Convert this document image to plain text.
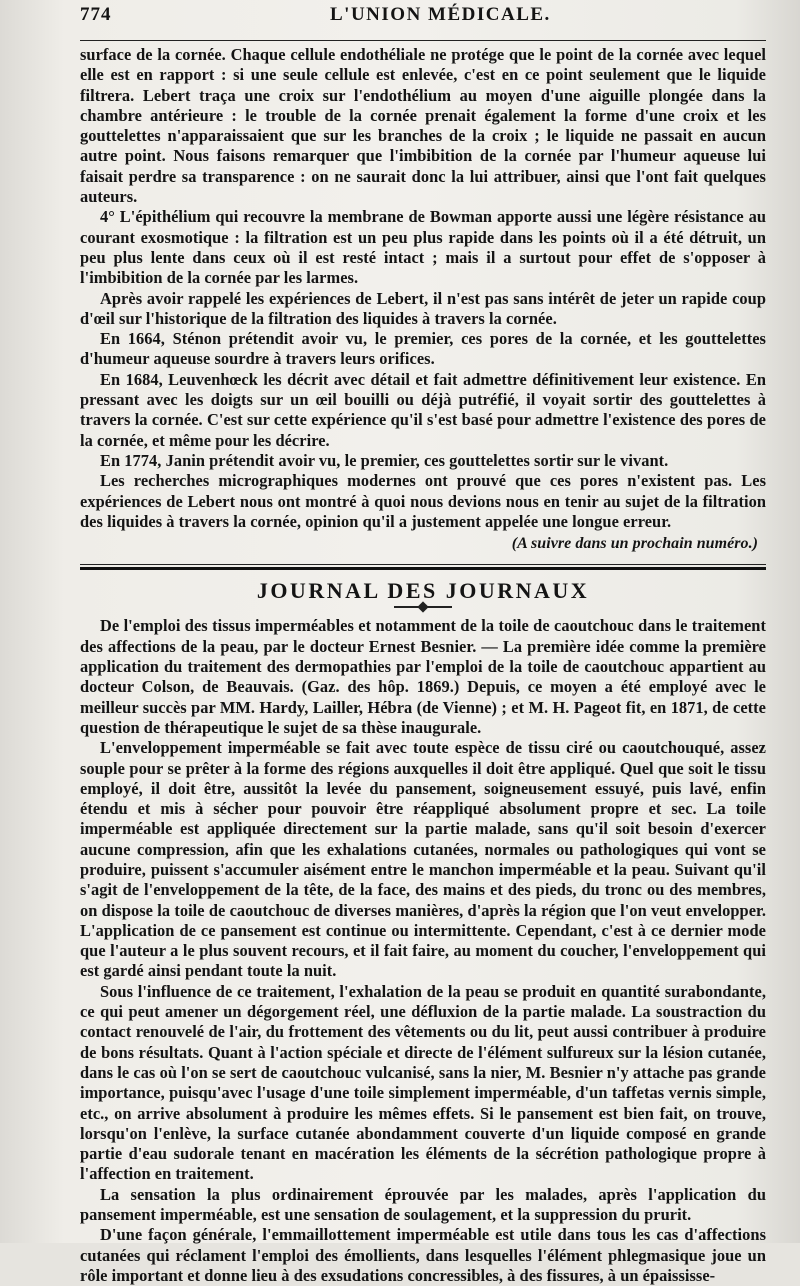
774	L'UNION MÉDICALE.

surface de la cornée. Chaque cellule endothéliale ne protége que le point de la cornée avec lequel elle est en rapport : si une seule cellule est enlevée, c'est en ce point seulement que le liquide filtrera. Lebert traça une croix sur l'endothélium au moyen d'une aiguille plongée dans la chambre antérieure : le trouble de la cornée prenait également la forme d'une croix et les gouttelettes n'apparaissaient que sur les branches de la croix ; le liquide ne passait en aucun autre point. Nous faisons remarquer que l'imbibition de la cornée par l'humeur aqueuse lui faisait perdre sa transparence : on ne saurait donc la lui attribuer, ainsi que l'ont fait quelques auteurs.

4° L'épithélium qui recouvre la membrane de Bowman apporte aussi une légère résistance au courant exosmotique : la filtration est un peu plus rapide dans les points où il a été détruit, un peu plus lente dans ceux où il est resté intact ; mais il a surtout pour effet de s'opposer à l'imbibition de la cornée par les larmes.

Après avoir rappelé les expériences de Lebert, il n'est pas sans intérêt de jeter un rapide coup d'œil sur l'historique de la filtration des liquides à travers la cornée.

En 1664, Sténon prétendit avoir vu, le premier, ces pores de la cornée, et les gouttelettes d'humeur aqueuse sourdre à travers leurs orifices.

En 1684, Leuvenhœck les décrit avec détail et fait admettre définitivement leur existence. En pressant avec les doigts sur un œil bouilli ou déjà putréfié, il voyait sortir des gouttelettes à travers la cornée. C'est sur cette expérience qu'il s'est basé pour admettre l'existence des pores de la cornée, et même pour les décrire.

En 1774, Janin prétendit avoir vu, le premier, ces gouttelettes sortir sur le vivant.

Les recherches micrographiques modernes ont prouvé que ces pores n'existent pas. Les expériences de Lebert nous ont montré à quoi nous devions nous en tenir au sujet de la filtration des liquides à travers la cornée, opinion qu'il a justement appelée une longue erreur.

(A suivre dans un prochain numéro.)
JOURNAL DES JOURNAUX

De l'emploi des tissus imperméables et notamment de la toile de caoutchouc dans le traitement des affections de la peau, par le docteur Ernest Besnier. — La première idée comme la première application du traitement des dermopathies par l'emploi de la toile de caoutchouc appartient au docteur Colson, de Beauvais. (Gaz. des hôp. 1869.) Depuis, ce moyen a été employé avec le meilleur succès par MM. Hardy, Lailler, Hébra (de Vienne) ; et M. H. Pageot fit, en 1871, de cette question de thérapeutique le sujet de sa thèse inaugurale.

L'enveloppement imperméable se fait avec toute espèce de tissu ciré ou caoutchouqué, assez souple pour se prêter à la forme des régions auxquelles il doit être appliqué. Quel que soit le tissu employé, il doit être, aussitôt la levée du pansement, soigneusement essuyé, puis lavé, enfin étendu et mis à sécher pour pouvoir être réappliqué absolument propre et sec. La toile imperméable est appliquée directement sur la partie malade, sans qu'il soit besoin d'exercer aucune compression, afin que les exhalations cutanées, normales ou pathologiques qui vont se produire, puissent s'accumuler aisément entre le manchon imperméable et la peau. Suivant qu'il s'agit de l'enveloppement de la tête, de la face, des mains et des pieds, du tronc ou des membres, on dispose la toile de caoutchouc de diverses manières, d'après la région que l'on veut envelopper. L'application de ce pansement est continue ou intermittente. Cependant, c'est à ce dernier mode que l'auteur a le plus souvent recours, et il fait faire, au moment du coucher, l'enveloppement qui est gardé ainsi pendant toute la nuit.

Sous l'influence de ce traitement, l'exhalation de la peau se produit en quantité surabondante, ce qui peut amener un dégorgement réel, une défluxion de la partie malade. La soustraction du contact renouvelé de l'air, du frottement des vêtements ou du lit, peut aussi contribuer à produire de bons résultats. Quant à l'action spéciale et directe de l'élément sulfureux sur la lésion cutanée, dans le cas où l'on se sert de caoutchouc vulcanisé, sans la nier, M. Besnier n'y attache pas grande importance, puisqu'avec l'usage d'une toile simplement imperméable, d'un taffetas vernis simple, etc., on arrive absolument à produire les mêmes effets. Si le pansement est bien fait, on trouve, lorsqu'on l'enlève, la surface cutanée abondamment couverte d'un liquide composé en grande partie d'eau sudorale tenant en macération les éléments de la sécrétion pathologique propre à l'affection en traitement.

La sensation la plus ordinairement éprouvée par les malades, après l'application du pansement imperméable, est une sensation de soulagement, et la suppression du prurit.

D'une façon générale, l'emmaillottement imperméable est utile dans tous les cas d'affections cutanées qui réclament l'emploi des émollients, dans lesquelles l'élément phlegmasique joue un rôle important et donne lieu à des exsudations concressibles, à des fissures, à un épaississe-
